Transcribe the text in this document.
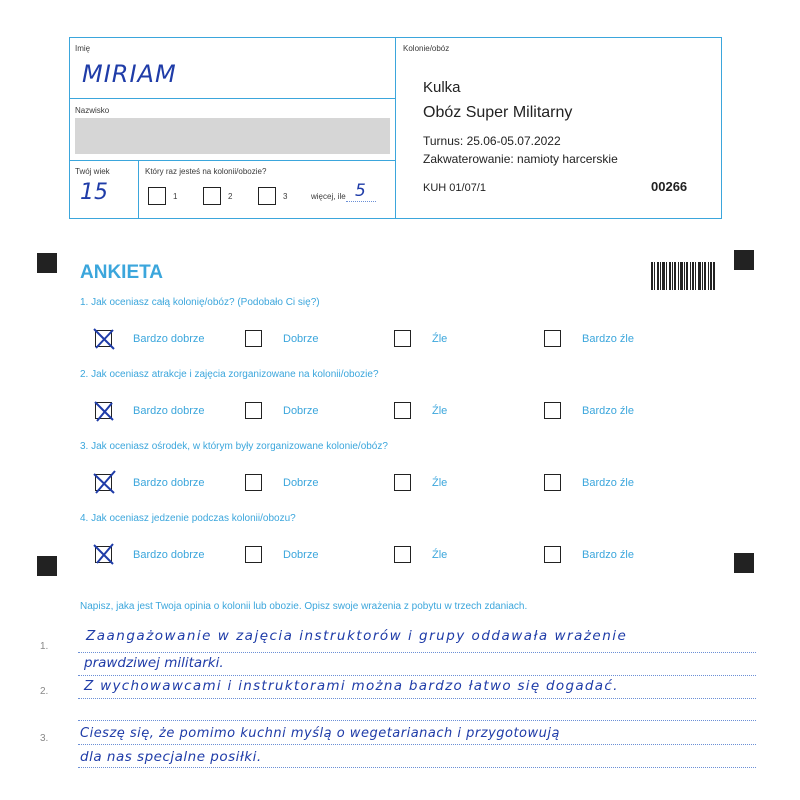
Imię
MIRIAM
Nazwisko
Twój wiek
15
Który raz jesteś na kolonii/obozie?
1	2	3	więcej, ile 5
Kolonie/obóz
Kulka
Obóz Super Militarny
Turnus: 25.06-05.07.2022
Zakwaterowanie: namioty harcerskie
KUH 01/07/1	00266
ANKIETA
1. Jak oceniasz całą kolonię/obóz? (Podobało Ci się?)
Bardzo dobrze	Dobrze	Źle	Bardzo źle
2. Jak oceniasz atrakcje i zajęcia zorganizowane na kolonii/obozie?
Bardzo dobrze	Dobrze	Źle	Bardzo źle
3. Jak oceniasz ośrodek, w którym były zorganizowane kolonie/obóz?
Bardzo dobrze	Dobrze	Źle	Bardzo źle
4. Jak oceniasz jedzenie podczas kolonii/obozu?
Bardzo dobrze	Dobrze	Źle	Bardzo źle
Napisz, jaka jest Twoja opinia o kolonii lub obozie. Opisz swoje wrażenia z pobytu w trzech zdaniach.
1.
2.
3.
Zaangażowanie w zajęcia instruktorów i grupy oddawała wrażenie
prawdziwej militarki.
Z wychowawcami i instruktorami można bardzo łatwo się dogadać.
Cieszę się, że pomimo kuchni myślą o wegetarianach i przygotowują
dla nas specjalne posiłki.
